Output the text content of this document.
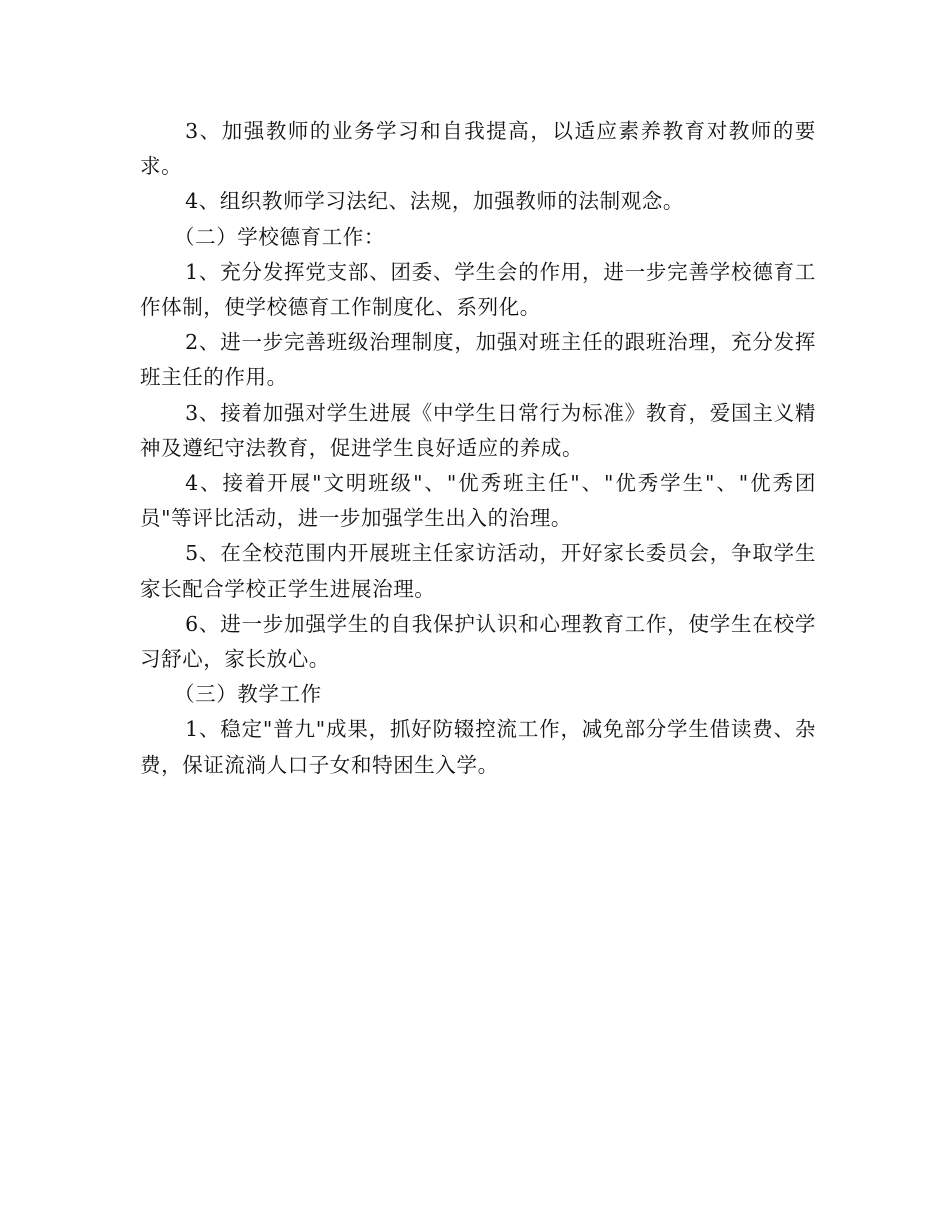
3、加强教师的业务学习和自我提高，以适应素养教育对教师的要求。

4、组织教师学习法纪、法规，加强教师的法制观念。

（二）学校德育工作：

1、充分发挥党支部、团委、学生会的作用，进一步完善学校德育工作体制，使学校德育工作制度化、系列化。

2、进一步完善班级治理制度，加强对班主任的跟班治理，充分发挥班主任的作用。

3、接着加强对学生进展《中学生日常行为标准》教育，爱国主义精神及遵纪守法教育，促进学生良好适应的养成。

4、接着开展"文明班级"、"优秀班主任"、"优秀学生"、"优秀团员"等评比活动，进一步加强学生出入的治理。

5、在全校范围内开展班主任家访活动，开好家长委员会，争取学生家长配合学校正学生进展治理。

6、进一步加强学生的自我保护认识和心理教育工作，使学生在校学习舒心，家长放心。

（三）教学工作

1、稳定"普九"成果，抓好防辍控流工作，减免部分学生借读费、杂费，保证流淌人口子女和特困生入学。
